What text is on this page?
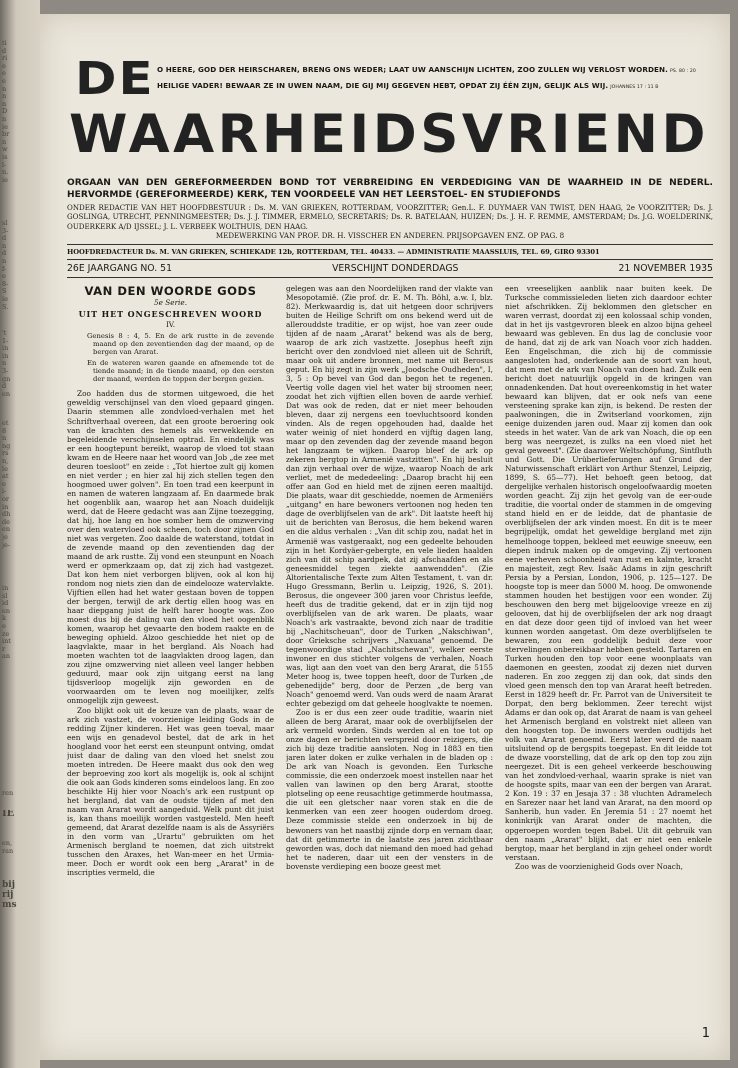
ti
d
ri
e
e
e
n
n
n
D
n
ie
br
n
w
is
l-
n.
ie
sl
3-
d
n
d
n
f-
e
8-
S
ie
S.
't
1-
in
in
n
3-
gn
d
en
et
8
n
ng
rs
n,
le
at
e
i-
or
in
dh
de
en
je
je-
in
sl
id
en
k
e
ze
int
r
an
ren
IE
en,
ran
bij
rij
ms
DE O HEERE, GOD DER HEIRSCHAREN, BRENG ONS WEDER; LAAT UW AANSCHIJN LICHTEN, ZOO ZULLEN WIJ VERLOST WORDEN. PS. 80 : 20
HEILIGE VADER! BEWAAR ZE IN UWEN NAAM, DIE GIJ MIJ GEGEVEN HEBT, OPDAT ZIJ ÉÉN ZIJN, GELIJK ALS WIJ. JOHANNES 17 : 11 B
WAARHEIDSVRIEND
ORGAAN VAN DEN GEREFORMEERDEN BOND TOT VERBREIDING EN VERDEDIGING VAN DE WAARHEID IN DE NEDERL. HERVORMDE (GEREFORMEERDE) KERK, TEN VOORDEELE VAN HET LEERSTOEL- EN STUDIEFONDS
ONDER REDACTIE VAN HET HOOFDBESTUUR : Ds. M. VAN GRIEKEN, ROTTERDAM, VOORZITTER; Gen.L. F. DUYMAER VAN TWIST, DEN HAAG, 2e VOORZITTER; Ds. J. GOSLINGA, UTRECHT, PENNINGMEESTER; Ds. J. J. TIMMER, ERMELO, SECRETARIS; Ds. R. BATELAAN, HUIZEN; Ds. J. H. F. REMME, AMSTERDAM; Ds. J.G. WOELDERINK, OUDERKERK A/D IJSSEL; J. L. VERBEEK WOLTHUIS, DEN HAAG.
MEDEWERKING VAN PROF. DR. H. VISSCHER EN ANDEREN. PRIJSOPGAVEN ENZ. OP PAG. 8
HOOFDREDACTEUR Ds. M. VAN GRIEKEN, SCHIEKADE 12b, ROTTERDAM, TEL. 40433. — ADMINISTRATIE MAASSLUIS, TEL. 69, GIRO 93301
26E JAARGANG NO. 51	VERSCHIJNT DONDERDAGS	21 NOVEMBER 1935
VAN DEN WOORDE GODS
5e Serie.
UIT HET ONGESCHREVEN WOORD
IV.
Genesis 8 : 4, 5. En de ark rustte in de zevende maand op den zeventienden dag der maand, op de bergen van Ararat.
En de wateren waren gaande en afnemende tot de tiende maand; in de tiende maand, op den eersten der maand, werden de toppen der bergen gezien.

Zoo hadden dus de stormen uitgewoed, die het geweldig verschijnsel van den vloed gepaard gingen. Daarin stemmen alle zondvloed-verhalen met het Schriftverhaal overeen, dat een groote beroering ook van de krachten des hemels als verwekkende en begeleidende verschijnselen optrad. En eindelijk was er een hoogtepunt bereikt, waarop de vloed tot staan kwam en de Heere naar het woord van Job „de zee met deuren toesloot" en zeide : „Tot hiertoe zult gij komen en niet verder ; en hier zal hij zich stellen tegen den hoogmoed uwer golven". En toen trad een keerpunt in en namen de wateren langzaam af. En daarmede brak het oogenblik aan, waarop het aan Noach duidelijk werd, dat de Heere gedacht was aan Zijne toezegging, dat hij, hoe lang en hoe somber hem de omzwerving over den watervloed ook scheen, toch door zijnen God niet was vergeten. Zoo daalde de waterstand, totdat in de zevende maand op den zeventienden dag der maand de ark rustte. Zij vond een steunpunt en Noach werd er opmerkzaam op, dat zij zich had vastgezet. Dat kon hem niet verborgen blijven, ook al kon hij rondom nog niets zien dan de eindelooze watervlakte. Vijftien ellen had het water gestaan boven de toppen der bergen, terwijl de ark dertig ellen hoog was en haar diepgang juist de helft harer hoogte was. Zoo moest dus bij de daling van den vloed het oogenblik komen, waarop het gevaarte den bodem raakte en de beweging ophield. Alzoo geschiedde het niet op de laagvlakte, maar in het bergland. Als Noach had moeten wachten tot de laagvlakten droog lagen, dan zou zijne omzwerving niet alleen veel langer hebben geduurd, maar ook zijn uitgang eerst na lang tijdsverloop mogelijk zijn geworden en de voorwaarden om te leven nog moeilijker, zelfs onmogelijk zijn geweest.

Zoo blijkt ook uit de keuze van de plaats, waar de ark zich vastzet, de voorzienige leiding Gods in de redding Zijner kinderen. Het was geen toeval, maar een wijs en genadevol bestel, dat de ark in het hoogland voor het eerst een steunpunt ontving, omdat juist daar de daling van den vloed het snelst zou moeten intreden. De Heere maakt dus ook den weg der beproeving zoo kort als mogelijk is, ook al schijnt die ook aan Gods kinderen soms eindeloos lang. En zoo beschikte Hij hier voor Noach's ark een rustpunt op het bergland, dat van de oudste tijden af met den naam van Ararat wordt aangeduid. Welk punt dit juist is, kan thans moeilijk worden vastgesteld. Men heeft gemeend, dat Ararat dezelfde naam is als de Assyriërs in den vorm van „Urartu" gebruikten om het Armenisch bergland te noemen, dat zich uitstrekt tusschen den Araxes, het Wan-meer en het Urmia-meer. Doch er wordt ook een berg „Ararat" in de inscripties vermeld, die

gelegen was aan den Noordelijken rand der vlakte van Mesopotamië. (Zie prof. dr. E. M. Th. Böhl, a.w. I, blz. 82). Merkwaardig is, dat uit hetgeen door schrijvers buiten de Heilige Schrift om ons bekend werd uit de allerouddste traditie, er op wijst, hoe van zeer oude tijden af de naam „Ararat" bekend was als de berg, waarop de ark zich vastzette. Josephus heeft zijn bericht over den zondvloed niet alleen uit de Schrift, maar ook uit andere bronnen, met name uit Berosus geput. En hij zegt in zijn werk „Joodsche Oudheden", I, 3, 5 : Op bevel van God dan begon het te regenen. Veertig volle dagen viel het water bij stroomen neer, zoodat het zich vijftien ellen boven de aarde verhief. Dat was ook de reden, dat er niet meer behouden bleven, daar zij nergens een toevluchtsoord konden vinden. Als de regen opgehouden had, daalde het water weinig of niet honderd en vijftig dagen lang, maar op den zevenden dag der zevende maand begon het langzaam te wijken. Daarop bleef de ark op zekeren bergtop in Armenië vastzitten". En hij besluit dan zijn verhaal over de wijze, waarop Noach de ark verliet, met de mededeeling: „Daarop bracht hij een offer aan God en hield met de zijnen eeren maaltijd. Die plaats, waar dit geschiedde, noemen de Armeniërs „uitgang" en hare bewoners vertoonen nog heden ten dage de overblijfselen van de ark". Dit laatste heeft hij uit de berichten van Berosus, die hem bekend waren en die aldus verhalen : „Van dit schip zou, nadat het in Armenië was vastgeraakt, nog een gedeelte behouden zijn in het Kordyäer-gebergte, en vele lieden haalden zich van dit schip aardpek, dat zij afschaafden en als geneesmiddel tegen ziekte aanwendden". (Zie Altorientalische Texte zum Alten Testament, t. van dr. Hugo Gressmann, Berlin u. Leipzig, 1926, S. 201). Berosus, die ongeveer 300 jaren voor Christus leefde, heeft dus de traditie gekend, dat er in zijn tijd nog overblijfselen van de ark waren. De plaats, waar Noach's ark vastraakte, bevond zich naar de traditie bij „Nachitscheuan", door de Turken „Nakschiwan", door Grieksche schrijvers „Naxuana" genoemd. De tegenwoordige stad „Nachitschewan", welker eerste inwoner en dus stichter volgens de verhalen, Noach was, ligt aan den voet van den berg Ararat, die 5155 Meter hoog is, twee toppen heeft, door de Turken „de gebenedijde" berg, door de Perzen „de berg van Noach" genoemd werd. Van ouds werd de naam Ararat echter gebezigd om dat geheele hooglvakte te noemen.

Zoo is er dus een zeer oude traditie, waarin niet alleen de berg Ararat, maar ook de overblijfselen der ark vermeld worden. Sinds werden al en toe tot op onze dagen er berichten verspreid door reizigers, die zich bij deze traditie aansloten. Nog in 1883 en tien jaren later doken er zulke verhalen in de bladen op : De ark van Noach is gevonden. Een Turksche commissie, die een onderzoek moest instellen naar het vallen van lawinen op den berg Ararat, stootte plotseling op eene reusachtige getimmerde houtmassa, die uit een gletscher naar voren stak en die de kenmerken van een zeer hoogen ouderdom droeg. Deze commissie stelde een onderzoek in bij de bewoners van het naastbij zijnde dorp en vernam daar, dat dit getimmerte in de laatste zes jaren zichtbaar geworden was, doch dat niemand den moed had gehad het te naderen, daar uit een der vensters in de bovenste verdieping een booze geest met

een vreeselijken aanblik naar buiten keek. De Turksche commissieleden lieten zich daardoor echter niet afschrikken. Zij beklommen den gletscher en waren verrast, doordat zij een kolossaal schip vonden, dat in het ijs vastgevroren bleek en alzoo bijna geheel bewaard was gebleven. En dus lag de conclusie voor de hand, dat zij de ark van Noach voor zich hadden. Een Engelschman, die zich bij de commissie aangesloten had, onderkende aan de soort van hout, dat men met de ark van Noach van doen had. Zulk een bericht doet natuurlijk opgeld in de kringen van onnadenkenden. Dat hout overeenkomstig in het water bewaard kan blijven, dat er ook nefs van eene versteening sprake kan zijn, is bekend. De resten der paalwoningen, die in Zwitserland voorkomen, zijn eenige duizenden jaren oud. Maar zij komen dan ook steeds in het water. Van de ark van Noach, die op een berg was neergezet, is zulks na een vloed niet het geval geweest". (Zie daarover Weltschöpfung, Sintfluth und Gott. Die Urüberlieferungen auf Grund der Naturwissenschaft erklärt von Arthur Stenzel, Leipzig, 1899, S. 65—77). Het behoeft geen betoog, dat dergelijke verhalen historisch ongeloofwaardig moeten worden geacht. Zij zijn het gevolg van de eer-oude traditie, die voortal onder de stammen in de omgeving stand hield en er de leidde, dat de phantasie de overblijfselen der ark vinden moest. En dit is te meer begrijpelijk, omdat het geweldige bergland met zijn hemelhooge toppen, bekleed met eeuwige sneeuw, een diepen indruk maken op de omgeving. Zij vertoonen eene verheven schoonheid van rust en kalmte, kracht en majesteit, zegt Rev. Isaäc Adams in zijn geschrift Persia by a Persian, London, 1906, p. 125—127. De hoogste top is meer dan 5000 M. hoog. De omwonende stammen houden het bestijgen voor een wonder. Zij beschouwen den berg met bijgeloovige vreeze en zij gelooven, dat hij de overblijfselen der ark nog draagt en dat deze door geen tijd of invloed van het weer kunnen worden aangetast. Om deze overblijfselen te bewaren, zou een goddelijk beduit deze voor stervelingen onbereikbaar hebben gesteld. Tartaren en Turken houden den top voor eene woonplaats van daemonen en geesten, zoodat zij dezen niet durven naderen. En zoo zeggen zij dan ook, dat sinds den vloed geen mensch den top van Ararat heeft betreden. Eerst in 1829 heeft dr. Fr. Parrot van de Universiteit te Dorpat, den berg beklommen. Zeer terecht wijst Adams er dan ook op, dat Ararat de naam is van geheel het Armenisch bergland en volstrekt niet alleen van den hoogsten top. De inwoners werden oudtijds het volk van Ararat genoemd. Eerst later werd de naam uitsluitend op de bergspits toegepast. En dit leidde tot de dwaze voorstelling, dat de ark op den top zou zijn neergezet. Dit is een geheel verkeerde beschouwing van het zondvloed-verhaal, waarin sprake is niet van de hoogste spits, maar van een der bergen van Ararat. 2 Kon. 19 : 37 en Jesaja 37 : 38 vluchten Adramelech en Sarezer naar het land van Ararat, na den moord op Sanherib, hun vader. En Jeremia 51 : 27 noemt het koninkrijk van Ararat onder de machten, die opgeroepen worden tegen Babel. Uit dit gebruik van den naam „Ararat" blijkt, dat er niet een enkele bergtop, maar het bergland in zijn geheel onder wordt verstaan.

Zoo was de voorzienigheid Gods over Noach,

1
